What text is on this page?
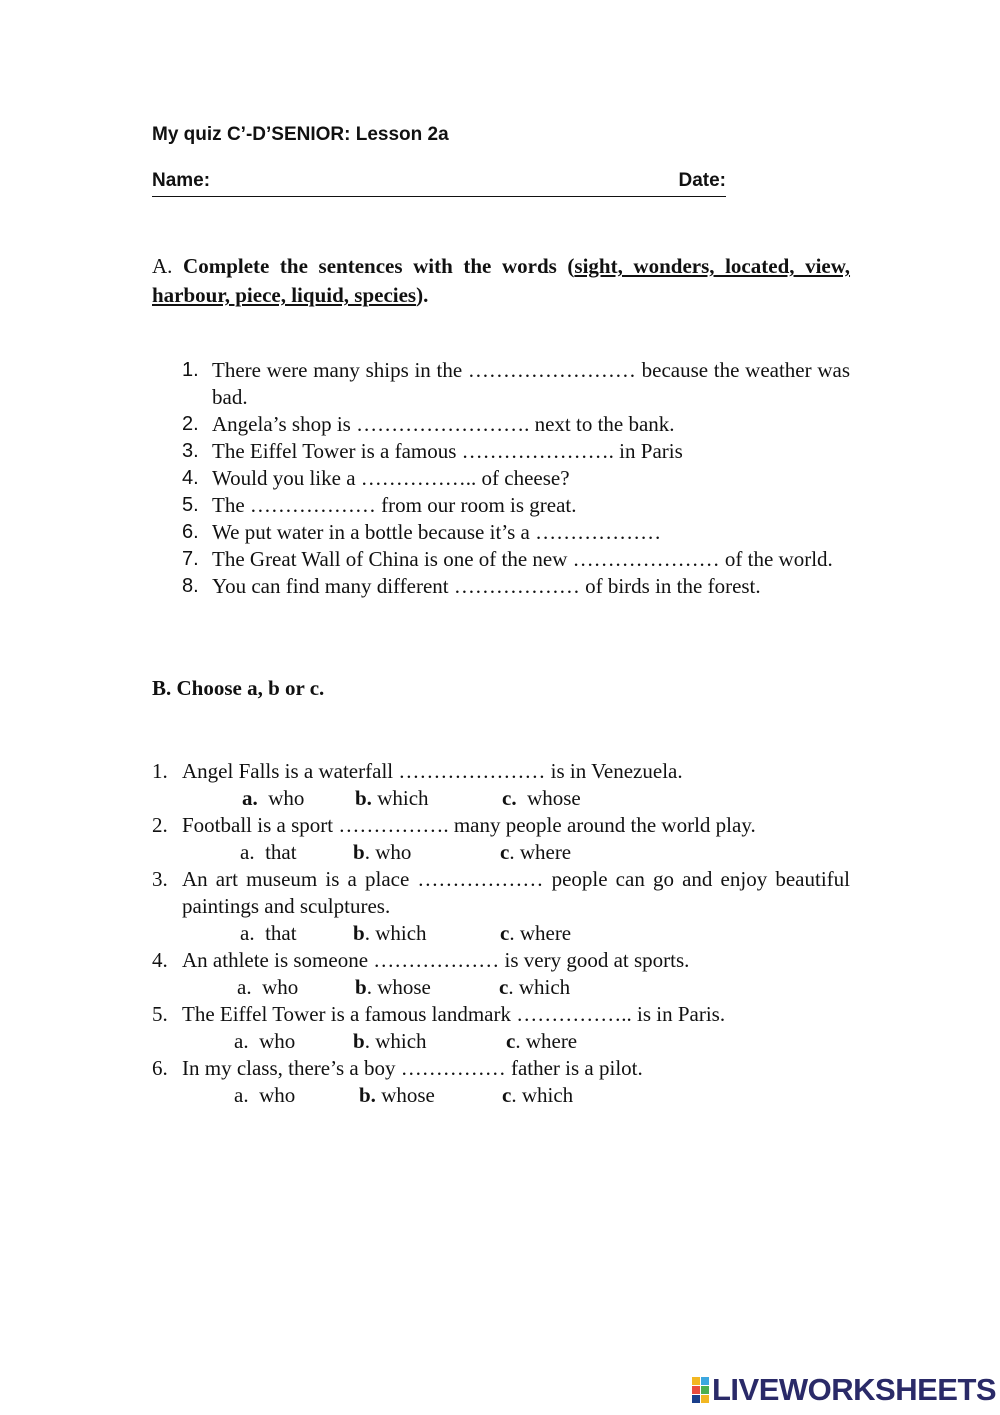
My quiz C’-D’SENIOR: Lesson 2a
Name:	Date:
A. Complete the sentences with the words (sight, wonders, located, view, harbour, piece, liquid, species).
1. There were many ships in the …………………… because the weather was bad.
2. Angela’s shop is ……………………. next to the bank.
3. The Eiffel Tower is a famous …………………. in Paris
4. Would you like a …………….. of cheese?
5. The ……………… from our room is great.
6. We put water in a bottle because it’s a ………………
7. The Great Wall of China is one of the new ………………… of the world.
8. You can find many different ……………… of birds in the forest.
B. Choose a, b or c.
1. Angel Falls is a waterfall ………………… is in Venezuela.
a. who b. which	c. whose
2. Football is a sport ……………. many people around the world play.
a. that	b. who	c. where
3. An art museum is a place ……………… people can go and enjoy beautiful paintings and sculptures.
a. that	b. which	c. where
4. An athlete is someone ……………… is very good at sports.
a. who	b. whose	c. which
5. The Eiffel Tower is a famous landmark …………….. is in Paris.
a. who	b. which	c. where
6. In my class, there’s a boy …………… father is a pilot.
a. who	b. whose	c. which
LIVEWORKSHEETS
